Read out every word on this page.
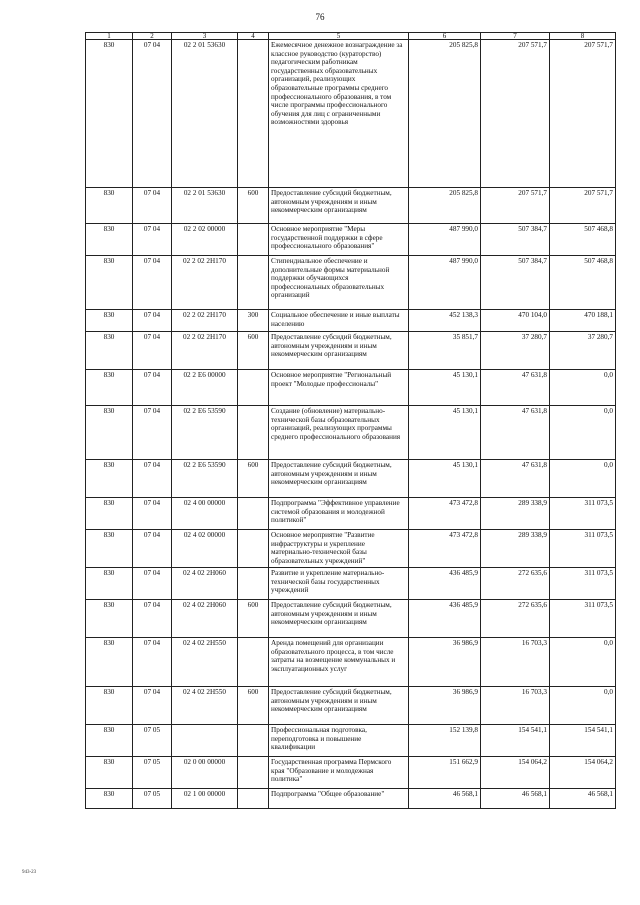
76
1	2	3	4	5	6	7	8
830	07 04	02 2 01 53630		Ежемесячное денежное вознаграждение за классное руководство (кураторство) педагогическим работникам государственных образовательных организаций, реализующих образовательные программы среднего профессионального образования, в том числе программы профессионального обучения для лиц с ограниченными возможностями здоровья	205 825,8	207 571,7	207 571,7
830	07 04	02 2 01 53630	600	Предоставление субсидий бюджетным, автономным учреждениям и иным некоммерческим организациям	205 825,8	207 571,7	207 571,7
830	07 04	02 2 02 00000		Основное мероприятие "Меры государственной поддержки в сфере профессионального образования"	487 990,0	507 384,7	507 468,8
830	07 04	02 2 02 2Н170		Стипендиальное обеспечение и дополнительные формы материальной поддержки обучающихся профессиональных образовательных организаций	487 990,0	507 384,7	507 468,8
830	07 04	02 2 02 2Н170	300	Социальное обеспечение и иные выплаты населению	452 138,3	470 104,0	470 188,1
830	07 04	02 2 02 2Н170	600	Предоставление субсидий бюджетным, автономным учреждениям и иным некоммерческим организациям	35 851,7	37 280,7	37 280,7
830	07 04	02 2 Е6 00000		Основное мероприятие "Региональный проект "Молодые профессионалы"	45 130,1	47 631,8	0,0
830	07 04	02 2 Е6 53590		Создание (обновление) материально-технической базы образовательных организаций, реализующих программы среднего профессионального образования	45 130,1	47 631,8	0,0
830	07 04	02 2 Е6 53590	600	Предоставление субсидий бюджетным, автономным учреждениям и иным некоммерческим организациям	45 130,1	47 631,8	0,0
830	07 04	02 4 00 00000		Подпрограмма "Эффективное управление системой образования и молодежной политикой"	473 472,8	289 338,9	311 073,5
830	07 04	02 4 02 00000		Основное мероприятие "Развитие инфраструктуры и укрепление материально-технической базы образовательных учреждений"	473 472,8	289 338,9	311 073,5
830	07 04	02 4 02 2Н060		Развитие и укрепление материально-технической базы государственных учреждений	436 485,9	272 635,6	311 073,5
830	07 04	02 4 02 2Н060	600	Предоставление субсидий бюджетным, автономным учреждениям и иным некоммерческим организациям	436 485,9	272 635,6	311 073,5
830	07 04	02 4 02 2Н550		Аренда помещений для организации образовательного процесса, в том числе затраты на возмещение коммунальных и эксплуатационных услуг	36 986,9	16 703,3	0,0
830	07 04	02 4 02 2Н550	600	Предоставление субсидий бюджетным, автономным учреждениям и иным некоммерческим организациям	36 986,9	16 703,3	0,0
830	07 05			Профессиональная подготовка, переподготовка и повышение квалификации	152 139,8	154 541,1	154 541,1
830	07 05	02 0 00 00000		Государственная программа Пермского края "Образование и молодежная политика"	151 662,9	154 064,2	154 064,2
830	07 05	02 1 00 00000		Подпрограмма "Общее образование"	46 568,1	46 568,1	46 568,1
943-23
